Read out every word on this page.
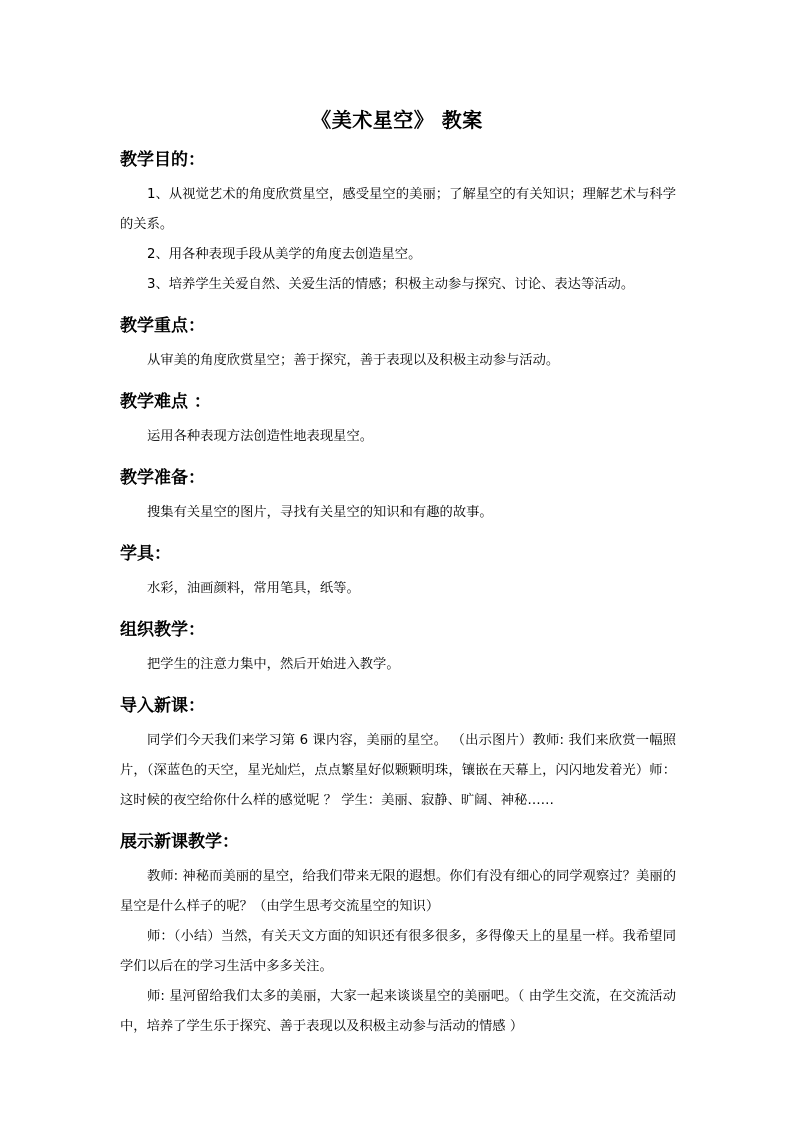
《美术星空》 教案
教学目的：

1、从视觉艺术的角度欣赏星空，感受星空的美丽；了解星空的有关知识；理解艺术与科学的关系。

2、用各种表现手段从美学的角度去创造星空。

3、培养学生关爱自然、关爱生活的情感；积极主动参与探究、讨论、表达等活动。

教学重点：

从审美的角度欣赏星空；善于探究，善于表现以及积极主动参与活动。

教学难点 ：

运用各种表现方法创造性地表现星空。

教学准备：

搜集有关星空的图片，寻找有关星空的知识和有趣的故事。

学具：

水彩，油画颜料，常用笔具，纸等。

组织教学：

把学生的注意力集中，然后开始进入教学。

导入新课：

同学们今天我们来学习第 6 课内容，美丽的星空。 （出示图片）教师: 我们来欣赏一幅照片，（深蓝色的天空，星光灿烂，点点繁星好似颗颗明珠，镶嵌在天幕上，闪闪地发着光）师：这时候的夜空给你什么样的感觉呢 ？ 学生：美丽、寂静、旷阔、神秘……

展示新课教学：

教师: 神秘而美丽的星空，给我们带来无限的遐想。你们有没有细心的同学观察过？美丽的星空是什么样子的呢？（由学生思考交流星空的知识）

师：（小结）当然，有关天文方面的知识还有很多很多，多得像天上的星星一样。我希望同学们以后在的学习生活中多多关注。

师: 星河留给我们太多的美丽，大家一起来谈谈星空的美丽吧。（ 由学生交流，在交流活动中，培养了学生乐于探究、善于表现以及积极主动参与活动的情感 ）
